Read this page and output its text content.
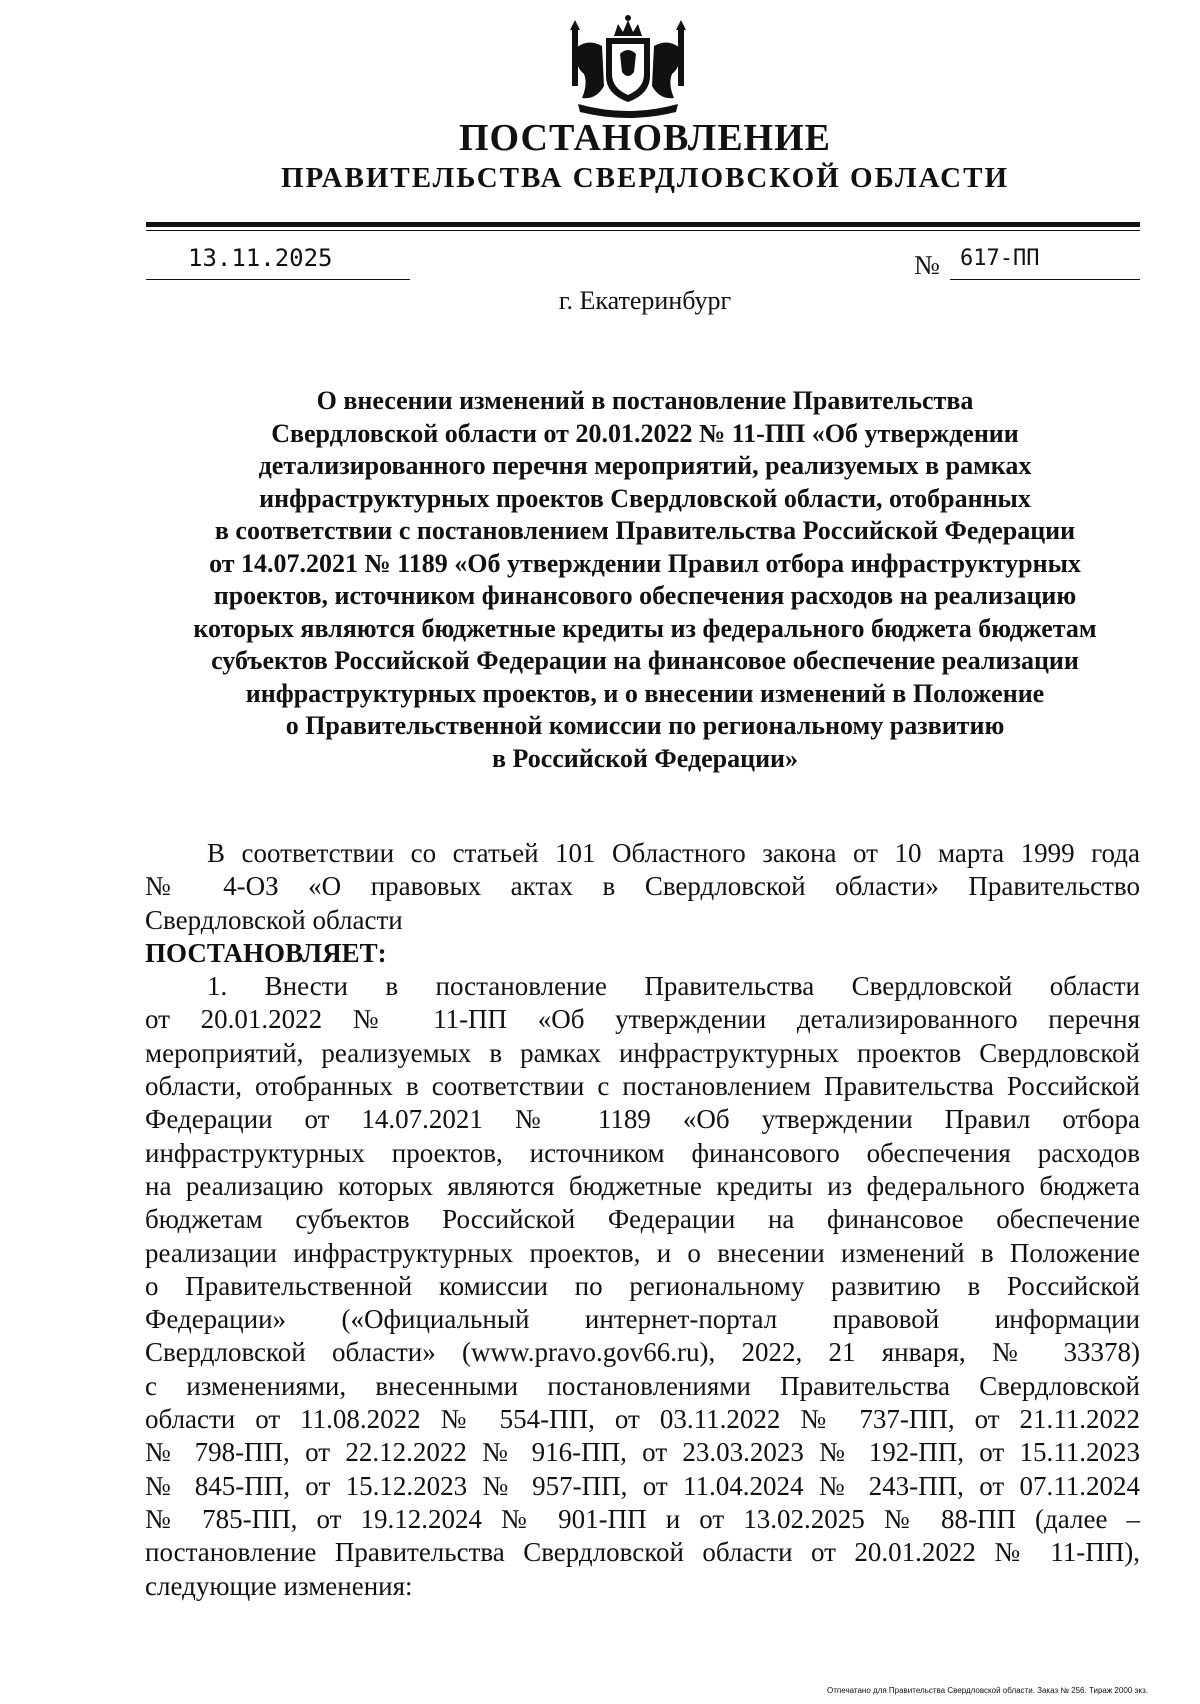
ПОСТАНОВЛЕНИЕ
ПРАВИТЕЛЬСТВА СВЕРДЛОВСКОЙ ОБЛАСТИ
13.11.2025	№ 617-ПП
г. Екатеринбург
О внесении изменений в постановление Правительства
Свердловской области от 20.01.2022 № 11-ПП «Об утверждении
детализированного перечня мероприятий, реализуемых в рамках
инфраструктурных проектов Свердловской области, отобранных
в соответствии с постановлением Правительства Российской Федерации
от 14.07.2021 № 1189 «Об утверждении Правил отбора инфраструктурных
проектов, источником финансового обеспечения расходов на реализацию
которых являются бюджетные кредиты из федерального бюджета бюджетам
субъектов Российской Федерации на финансовое обеспечение реализации
инфраструктурных проектов, и о внесении изменений в Положение
о Правительственной комиссии по региональному развитию
в Российской Федерации»
В соответствии со статьей 101 Областного закона от 10 марта 1999 года
№ 4-ОЗ «О правовых актах в Свердловской области» Правительство
Свердловской области
ПОСТАНОВЛЯЕТ:
1. Внести в постановление Правительства Свердловской области
от 20.01.2022 № 11-ПП «Об утверждении детализированного перечня
мероприятий, реализуемых в рамках инфраструктурных проектов Свердловской
области, отобранных в соответствии с постановлением Правительства Российской
Федерации от 14.07.2021 № 1189 «Об утверждении Правил отбора
инфраструктурных проектов, источником финансового обеспечения расходов
на реализацию которых являются бюджетные кредиты из федерального бюджета
бюджетам субъектов Российской Федерации на финансовое обеспечение
реализации инфраструктурных проектов, и о внесении изменений в Положение
о Правительственной комиссии по региональному развитию в Российской
Федерации» («Официальный интернет-портал правовой информации
Свердловской области» (www.pravo.gov66.ru), 2022, 21 января, № 33378)
с изменениями, внесенными постановлениями Правительства Свердловской
области от 11.08.2022 № 554-ПП, от 03.11.2022 № 737-ПП, от 21.11.2022
№ 798-ПП, от 22.12.2022 № 916-ПП, от 23.03.2023 № 192-ПП, от 15.11.2023
№ 845-ПП, от 15.12.2023 № 957-ПП, от 11.04.2024 № 243-ПП, от 07.11.2024
№ 785-ПП, от 19.12.2024 № 901-ПП и от 13.02.2025 № 88-ПП (далее –
постановление Правительства Свердловской области от 20.01.2022 № 11-ПП),
следующие изменения:
Отпечатано для Правительства Свердловской области. Заказ № 256. Тираж 2000 экз.
